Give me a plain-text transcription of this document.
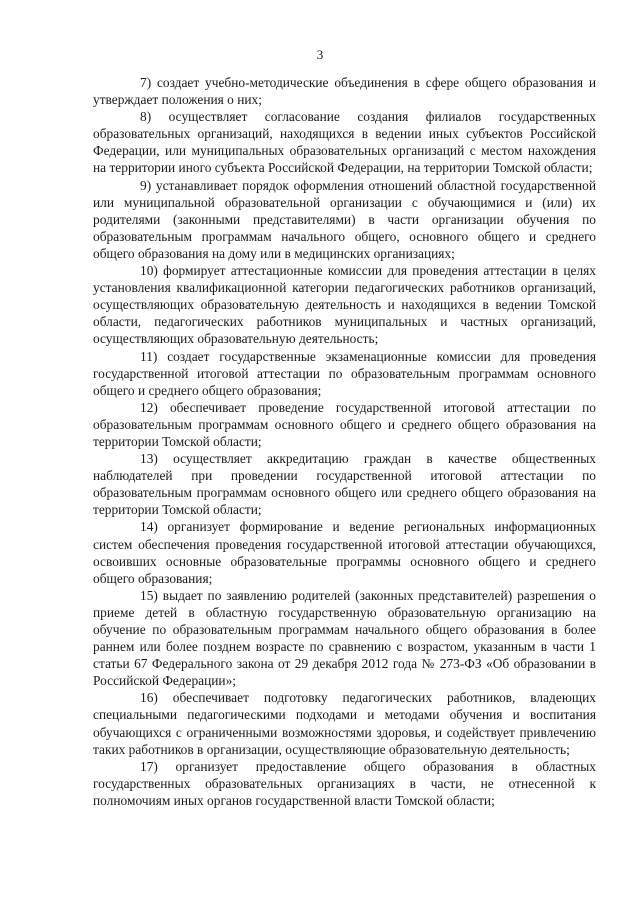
3

7) создает учебно-методические объединения в сфере общего образования и утверждает положения о них;

8) осуществляет согласование создания филиалов государственных образовательных организаций, находящихся в ведении иных субъектов Российской Федерации, или муниципальных образовательных организаций с местом нахождения на территории иного субъекта Российской Федерации, на территории Томской области;

9) устанавливает порядок оформления отношений областной государственной или муниципальной образовательной организации с обучающимися и (или) их родителями (законными представителями) в части организации обучения по образовательным программам начального общего, основного общего и среднего общего образования на дому или в медицинских организациях;

10) формирует аттестационные комиссии для проведения аттестации в целях установления квалификационной категории педагогических работников организаций, осуществляющих образовательную деятельность и находящихся в ведении Томской области, педагогических работников муниципальных и частных организаций, осуществляющих образовательную деятельность;

11) создает государственные экзаменационные комиссии для проведения государственной итоговой аттестации по образовательным программам основного общего и среднего общего образования;

12) обеспечивает проведение государственной итоговой аттестации по образовательным программам основного общего и среднего общего образования на территории Томской области;

13) осуществляет аккредитацию граждан в качестве общественных наблюдателей при проведении государственной итоговой аттестации по образовательным программам основного общего или среднего общего образования на территории Томской области;

14) организует формирование и ведение региональных информационных систем обеспечения проведения государственной итоговой аттестации обучающихся, освоивших основные образовательные программы основного общего и среднего общего образования;

15) выдает по заявлению родителей (законных представителей) разрешения о приеме детей в областную государственную образовательную организацию на обучение по образовательным программам начального общего образования в более раннем или более позднем возрасте по сравнению с возрастом, указанным в части 1 статьи 67 Федерального закона от 29 декабря 2012 года № 273-ФЗ «Об образовании в Российской Федерации»;

16) обеспечивает подготовку педагогических работников, владеющих специальными педагогическими подходами и методами обучения и воспитания обучающихся с ограниченными возможностями здоровья, и содействует привлечению таких работников в организации, осуществляющие образовательную деятельность;

17) организует предоставление общего образования в областных государственных образовательных организациях в части, не отнесенной к полномочиям иных органов государственной власти Томской области;
